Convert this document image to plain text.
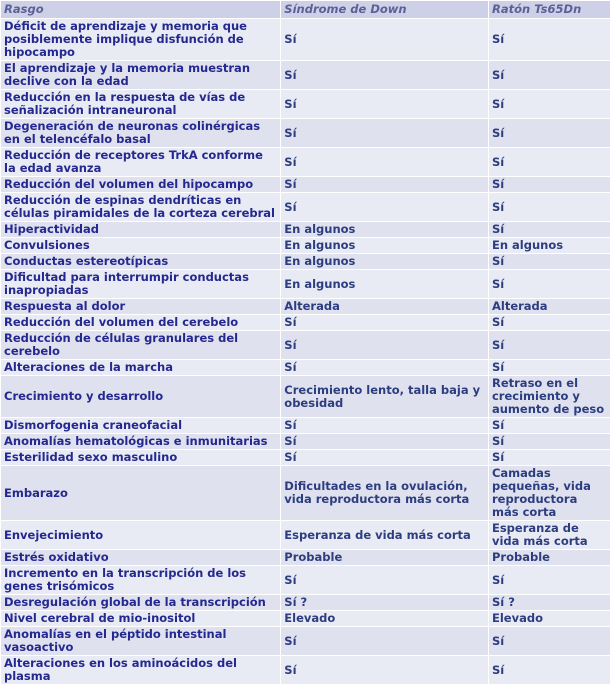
Rasgo	Síndrome de Down	Ratón Ts65Dn
Déficit de aprendizaje y memoria que posiblemente implique disfunción de hipocampo	Sí	Sí
El aprendizaje y la memoria muestran declive con la edad	Sí	Sí
Reducción en la respuesta de vías de señalización intraneuronal	Sí	Sí
Degeneración de neuronas colinérgicas en el telencéfalo basal	Sí	Sí
Reducción de receptores TrkA conforme la edad avanza	Sí	Sí
Reducción del volumen del hipocampo	Sí	Sí
Reducción de espinas dendríticas en células piramidales de la corteza cerebral	Sí	Sí
Hiperactividad	En algunos	Sí
Convulsiones	En algunos	En algunos
Conductas estereotípicas	En algunos	Sí
Dificultad para interrumpir conductas inapropiadas	En algunos	Sí
Respuesta al dolor	Alterada	Alterada
Reducción del volumen del cerebelo	Sí	Sí
Reducción de células granulares del cerebelo	Sí	Sí
Alteraciones de la marcha	Sí	Sí
Crecimiento y desarrollo	Crecimiento lento, talla baja y obesidad	Retraso en el crecimiento y aumento de peso
Dismorfogenia craneofacial	Sí	Sí
Anomalías hematológicas e inmunitarias	Sí	Sí
Esterilidad sexo masculino	Sí	Sí
Embarazo	Dificultades en la ovulación, vida reproductora más corta	Camadas pequeñas, vida reproductora más corta
Envejecimiento	Esperanza de vida más corta	Esperanza de vida más corta
Estrés oxidativo	Probable	Probable
Incremento en la transcripción de los genes trisómicos	Sí	Sí
Desregulación global de la transcripción	Sí ?	Sí ?
Nivel cerebral de mio-inositol	Elevado	Elevado
Anomalías en el péptido intestinal vasoactivo	Sí	Sí
Alteraciones en los aminoácidos del plasma	Sí	Sí
